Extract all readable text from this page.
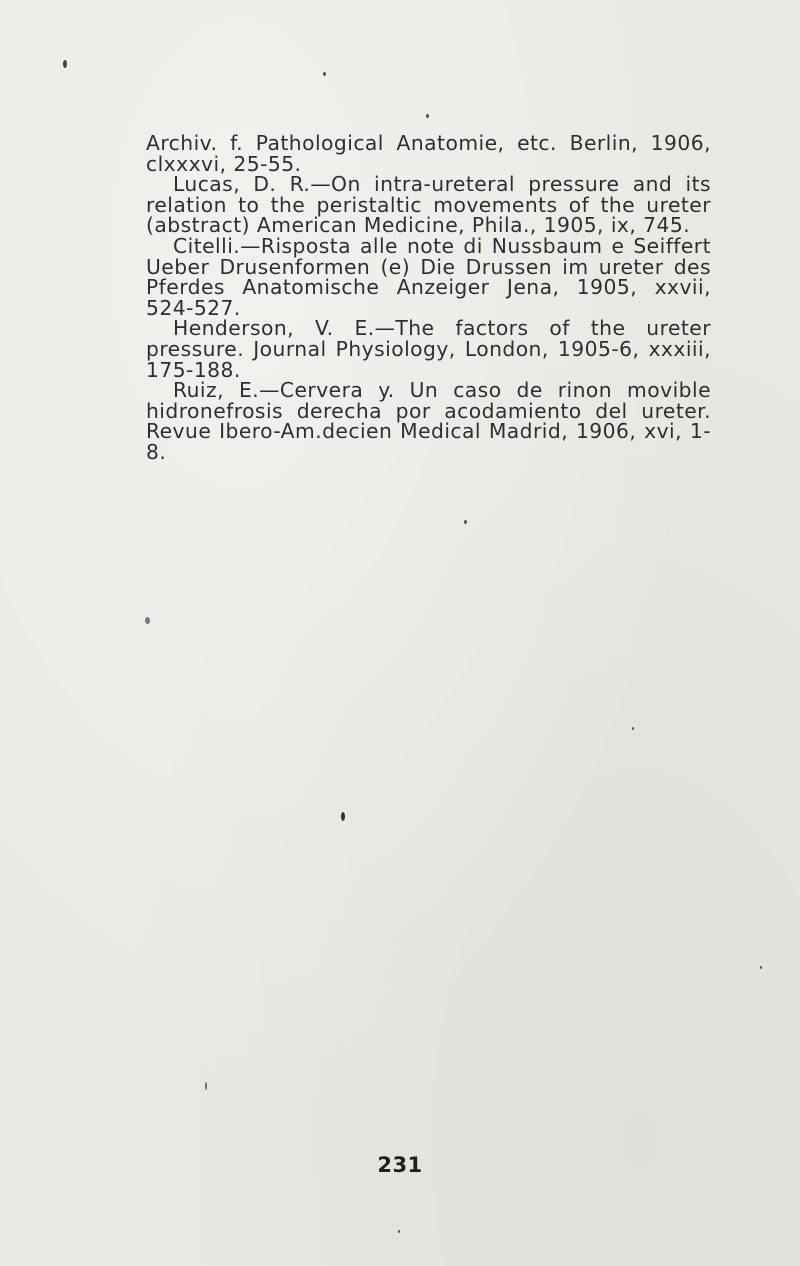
Archiv. f. Pathological Anatomie, etc. Berlin, 1906, clxxxvi, 25-55.

Lucas, D. R.—On intra-ureteral pressure and its relation to the peristaltic movements of the ureter (abstract) American Medicine, Phila., 1905, ix, 745.

Citelli.—Risposta alle note di Nussbaum e Seiffert Ueber Drusenformen (e) Die Drussen im ureter des Pferdes Anatomische Anzeiger Jena, 1905, xxvii, 524-527.

Henderson, V. E.—The factors of the ureter pressure. Journal Physiology, London, 1905-6, xxxiii, 175-188.

Ruiz, E.—Cervera y. Un caso de rinon movible hidronefrosis derecha por acodamiento del ureter. Revue Ibero-Am.decien Medical Madrid, 1906, xvi, 1-8.

231
